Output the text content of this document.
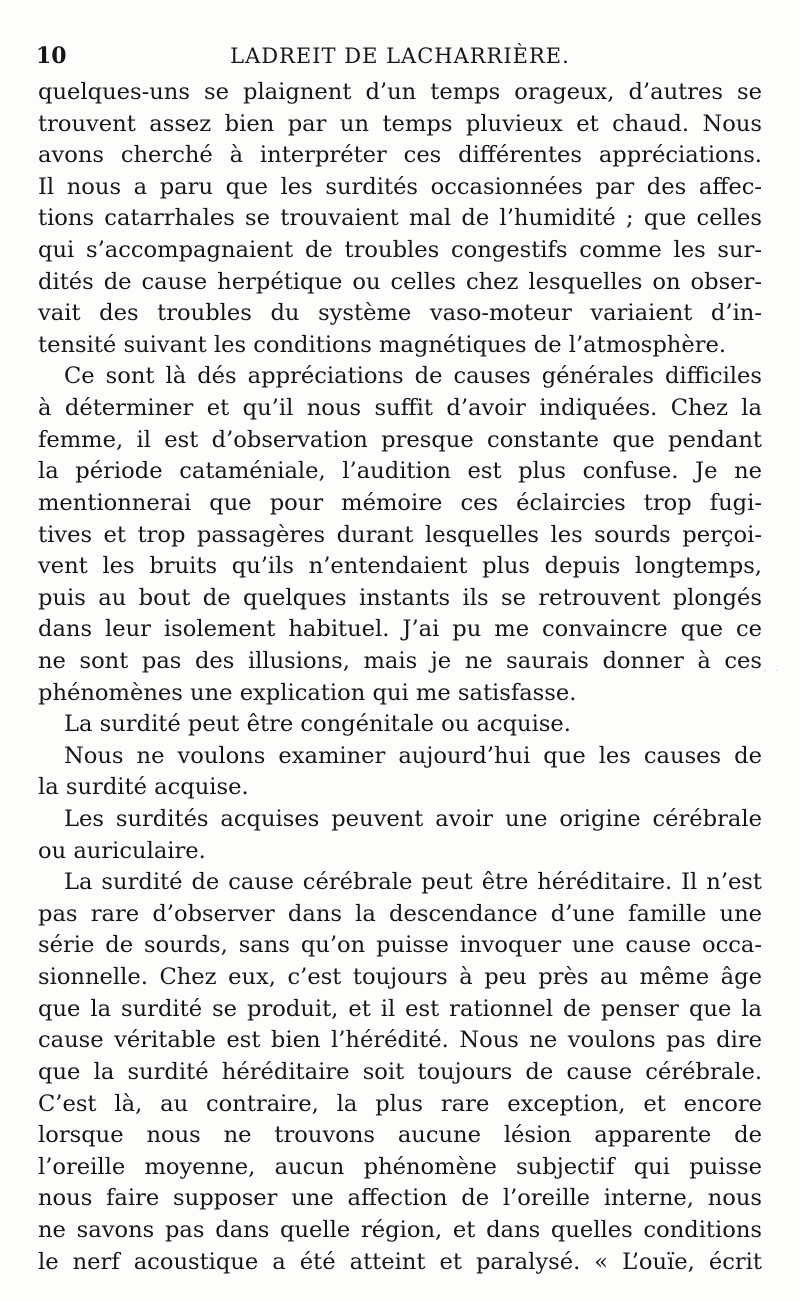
· · ·
10	LADREIT DE LACHARRIÈRE.
quelques-uns se plaignent d’un temps orageux, d’autres se
trouvent assez bien par un temps pluvieux et chaud. Nous
avons cherché à interpréter ces différentes appréciations.
Il nous a paru que les surdités occasionnées par des affec-
tions catarrhales se trouvaient mal de l’humidité ; que celles
qui s’accompagnaient de troubles congestifs comme les sur-
dités de cause herpétique ou celles chez lesquelles on obser-
vait des troubles du système vaso-moteur variaient d’in-
tensité suivant les conditions magnétiques de l’atmosphère.
Ce sont là dés appréciations de causes générales difficiles
à déterminer et qu’il nous suffit d’avoir indiquées. Chez la
femme, il est d’observation presque constante que pendant
la période cataméniale, l’audition est plus confuse. Je ne
mentionnerai que pour mémoire ces éclaircies trop fugi-
tives et trop passagères durant lesquelles les sourds perçoi-
vent les bruits qu’ils n’entendaient plus depuis longtemps,
puis au bout de quelques instants ils se retrouvent plongés
dans leur isolement habituel. J’ai pu me convaincre que ce
ne sont pas des illusions, mais je ne saurais donner à ces
phénomènes une explication qui me satisfasse.
La surdité peut être congénitale ou acquise.
Nous ne voulons examiner aujourd’hui que les causes de
la surdité acquise.
Les surdités acquises peuvent avoir une origine cérébrale
ou auriculaire.
La surdité de cause cérébrale peut être héréditaire. Il n’est
pas rare d’observer dans la descendance d’une famille une
série de sourds, sans qu’on puisse invoquer une cause occa-
sionnelle. Chez eux, c’est toujours à peu près au même âge
que la surdité se produit, et il est rationnel de penser que la
cause véritable est bien l’hérédité. Nous ne voulons pas dire
que la surdité héréditaire soit toujours de cause cérébrale.
C’est là, au contraire, la plus rare exception, et encore
lorsque nous ne trouvons aucune lésion apparente de
l’oreille moyenne, aucun phénomène subjectif qui puisse
nous faire supposer une affection de l’oreille interne, nous
ne savons pas dans quelle région, et dans quelles conditions
le nerf acoustique a été atteint et paralysé. « L’ouïe, écrit
